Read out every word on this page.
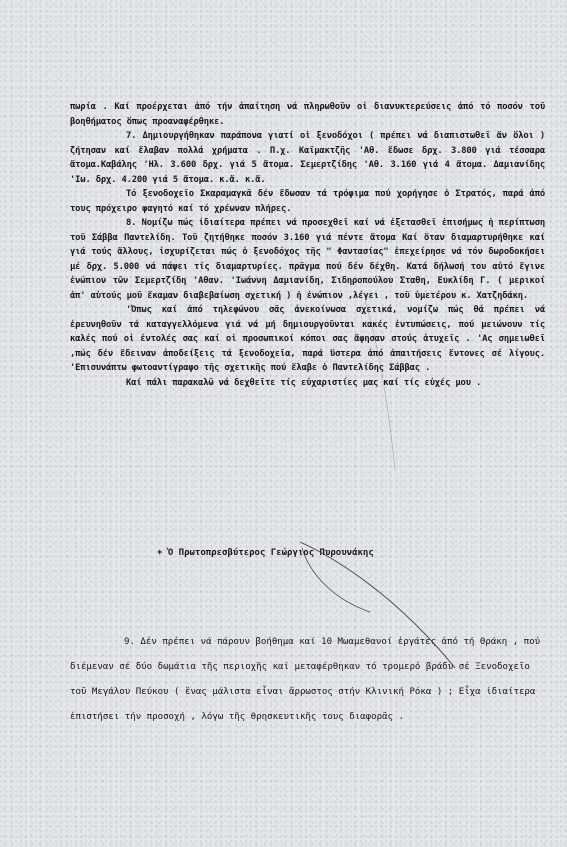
πωρία . Καί προέρχεται ἀπό τήν ἀπαίτηση νά πληρωθοῦν οἱ διανυκτερεύσεις ἀπό τό ποσόν τοῦ βοηθήματος ὅπως προαναφέρθηκε.

7. Δημιουργήθηκαν παράπονα γιατί οἱ ξενοδόχοι ( πρέπει νά διαπιστωθεῖ ἄν ὅλοι ) ζήτησαν καί ἔλαβαν πολλά χρήματα . Π.χ. Καϊμακτζῆς 'Αθ. ἔδωσε δρχ. 3.800 γιά τέσσαρα ἄτομα.Καβάλης 'Ηλ. 3.600 δρχ. γιά 5 ἄτομα. Σεμερτζίδης 'Αθ. 3.160 γιά 4 ἄτομα. Δαμιανίδης 'Ιω. δρχ. 4.200 γιά 5 ἄτομα. κ.ἄ. κ.ἄ.

Τό ξενοδοχεῖο Σκαραμαγκᾶ δέν ἔδωσαν τά τρόφιμα πού χορήγησε ὁ Στρατός, παρά ἀπό τους πρόχειρο φαγητό καί τό χρέωναν πλήρες.

8. Νομίζω πώς ἰδιαίτερα πρέπει νά προσεχθεῖ καί νά ἐξετασθεῖ ἐπισήμως ἡ περίπτωση τοῦ Σάββα Παντελίδη. Τοῦ ζητήθηκε ποσόν 3.160 γιά πέντε ἄτομα Καί ὅταν διαμαρτυρήθηκε καί γιά τούς ἄλλους, ἰσχυρίζεται πώς ὁ ξενοδόχος τῆς " Φαντασίας" ἐπεχείρησε νά τόν δωροδοκήσει μέ δρχ. 5.000 νά πάψει τίς διαμαρτυρίες. πρᾶγμα πού δέν δέχθη. Κατά δήλωσή του αὐτό ἔγινε ἐνώπιον τῶν Σεμερτζίδη 'Αθαν. 'Ιωάννη Δαμιανίδη, Σιδηροπούλου Σταθη, Ευκλίδη Γ. ( μερικοί ἀπ' αὐτούς μοῦ ἔκαμαν διαβεβαίωση σχετική ) ἡ ἐνώπιον ,λέγει , τοῦ ὑμετέρου κ. Χατζηδάκη.

'Όπως καί ἀπό τηλεφώνου σᾶς ἀνεκοίνωσα σχετικά, νομίζω πώς θά πρέπει νά ἐρευνηθοῦν τά καταγγελλόμενα γιά νά μή δημιουργοῦνται κακές ἐντυπώσεις, πού μειώνουν τίς καλές πού οἱ ἐντολές σας καί οἱ προσωπικοί κόποι σας ἄφησαν στούς ἀτυχεῖς . 'Ας σημειωθεῖ ,πώς δέν ἔδειναν ἀποδείξεις τά ξενοδοχεῖα, παρά ὕστερα ἀπό ἀπαιτήσεις ἔντονες σέ λίγους. 'Επισυνάπτω φωτοαντίγραφο τῆς σχετικῆς πού ἔλαβε ὁ Παντελίδης Σάββας .

Καί πάλι παρακαλῶ νά δεχθεῖτε τίς εὐχαριστίες μας καί τίς εὐχές μου .

+ Ὁ Πρωτοπρεσβύτερος Γεώργιος Πυρουνάκης

9. Δέν πρέπει νά πάρουν βοήθημα καί 10 Μωαμεθανοί ἐργάτες ἀπό τή Θράκη , πού διέμεναν σέ δύο δωμάτια τῆς περιοχῆς καί μεταφέρθηκαν τό τρομερό βράδυ σέ Ξενοδοχεῖο τοῦ Μεγάλου Πεύκου ( ἕνας μάλιστα εἶναι ἄρρωστος στήν Κλινική Ρόκα ) ; Εἶχα ἰδιαίτερα ἐπιστήσει τήν προσοχή , λόγω τῆς θρησκευτικῆς τους διαφορᾶς .
